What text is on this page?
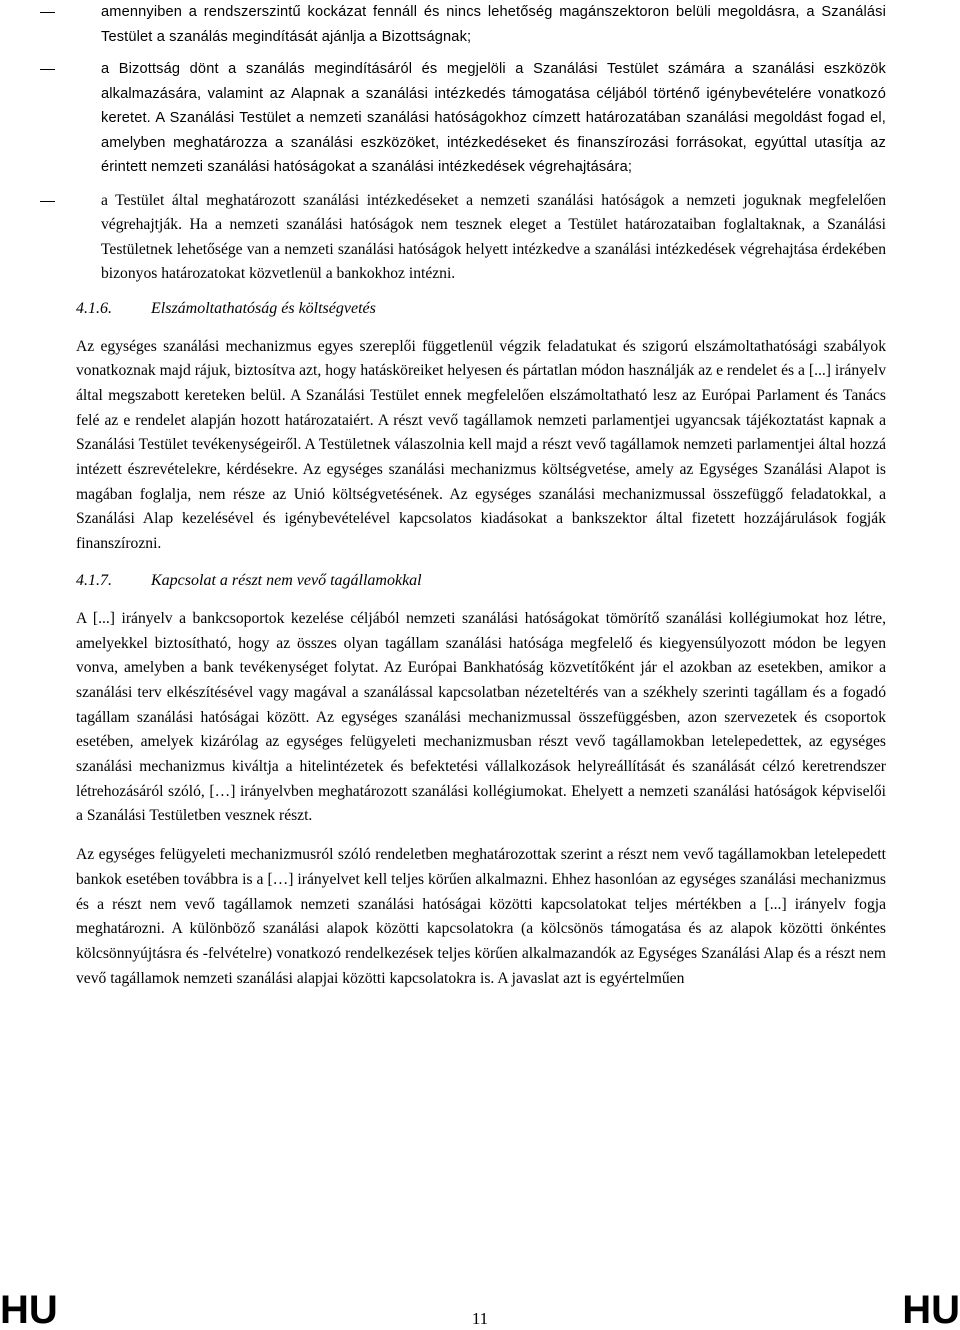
amennyiben a rendszerszintű kockázat fennáll és nincs lehetőség magánszektoron belüli megoldásra, a Szanálási Testület a szanálás megindítását ajánlja a Bizottságnak;
a Bizottság dönt a szanálás megindításáról és megjelöli a Szanálási Testület számára a szanálási eszközök alkalmazására, valamint az Alapnak a szanálási intézkedés támogatása céljából történő igénybevételére vonatkozó keretet. A Szanálási Testület a nemzeti szanálási hatóságokhoz címzett határozatában szanálási megoldást fogad el, amelyben meghatározza a szanálási eszközöket, intézkedéseket és finanszírozási forrásokat, egyúttal utasítja az érintett nemzeti szanálási hatóságokat a szanálási intézkedések végrehajtására;
a Testület által meghatározott szanálási intézkedéseket a nemzeti szanálási hatóságok a nemzeti joguknak megfelelően végrehajtják. Ha a nemzeti szanálási hatóságok nem tesznek eleget a Testület határozataiban foglaltaknak, a Szanálási Testületnek lehetősége van a nemzeti szanálási hatóságok helyett intézkedve a szanálási intézkedések végrehajtása érdekében bizonyos határozatokat közvetlenül a bankokhoz intézni.
4.1.6.	Elszámoltathatóság és költségvetés

Az egységes szanálási mechanizmus egyes szereplői függetlenül végzik feladatukat és szigorú elszámoltathatósági szabályok vonatkoznak majd rájuk, biztosítva azt, hogy hatásköreiket helyesen és pártatlan módon használják az e rendelet és a [...] irányelv által megszabott kereteken belül. A Szanálási Testület ennek megfelelően elszámoltatható lesz az Európai Parlament és Tanács felé az e rendelet alapján hozott határozataiért. A részt vevő tagállamok nemzeti parlamentjei ugyancsak tájékoztatást kapnak a Szanálási Testület tevékenységeiről. A Testületnek válaszolnia kell majd a részt vevő tagállamok nemzeti parlamentjei által hozzá intézett észrevételekre, kérdésekre. Az egységes szanálási mechanizmus költségvetése, amely az Egységes Szanálási Alapot is magában foglalja, nem része az Unió költségvetésének. Az egységes szanálási mechanizmussal összefüggő feladatokkal, a Szanálási Alap kezelésével és igénybevételével kapcsolatos kiadásokat a bankszektor által fizetett hozzájárulások fogják finanszírozni.

4.1.7.	Kapcsolat a részt nem vevő tagállamokkal

A [...] irányelv a bankcsoportok kezelése céljából nemzeti szanálási hatóságokat tömörítő szanálási kollégiumokat hoz létre, amelyekkel biztosítható, hogy az összes olyan tagállam szanálási hatósága megfelelő és kiegyensúlyozott módon be legyen vonva, amelyben a bank tevékenységet folytat. Az Európai Bankhatóság közvetítőként jár el azokban az esetekben, amikor a szanálási terv elkészítésével vagy magával a szanálással kapcsolatban nézeteltérés van a székhely szerinti tagállam és a fogadó tagállam szanálási hatóságai között. Az egységes szanálási mechanizmussal összefüggésben, azon szervezetek és csoportok esetében, amelyek kizárólag az egységes felügyeleti mechanizmusban részt vevő tagállamokban letelepedettek, az egységes szanálási mechanizmus kiváltja a hitelintézetek és befektetési vállalkozások helyreállítását és szanálását célzó keretrendszer létrehozásáról szóló, […] irányelvben meghatározott szanálási kollégiumokat. Ehelyett a nemzeti szanálási hatóságok képviselői a Szanálási Testületben vesznek részt.

Az egységes felügyeleti mechanizmusról szóló rendeletben meghatározottak szerint a részt nem vevő tagállamokban letelepedett bankok esetében továbbra is a […] irányelvet kell teljes körűen alkalmazni. Ehhez hasonlóan az egységes szanálási mechanizmus és a részt nem vevő tagállamok nemzeti szanálási hatóságai közötti kapcsolatokat teljes mértékben a [...] irányelv fogja meghatározni. A különböző szanálási alapok közötti kapcsolatokra (a kölcsönös támogatása és az alapok közötti önkéntes kölcsönnyújtásra és -felvételre) vonatkozó rendelkezések teljes körűen alkalmazandók az Egységes Szanálási Alap és a részt nem vevő tagállamok nemzeti szanálási alapjai közötti kapcsolatokra is. A javaslat azt is egyértelműen

HU	11	HU
